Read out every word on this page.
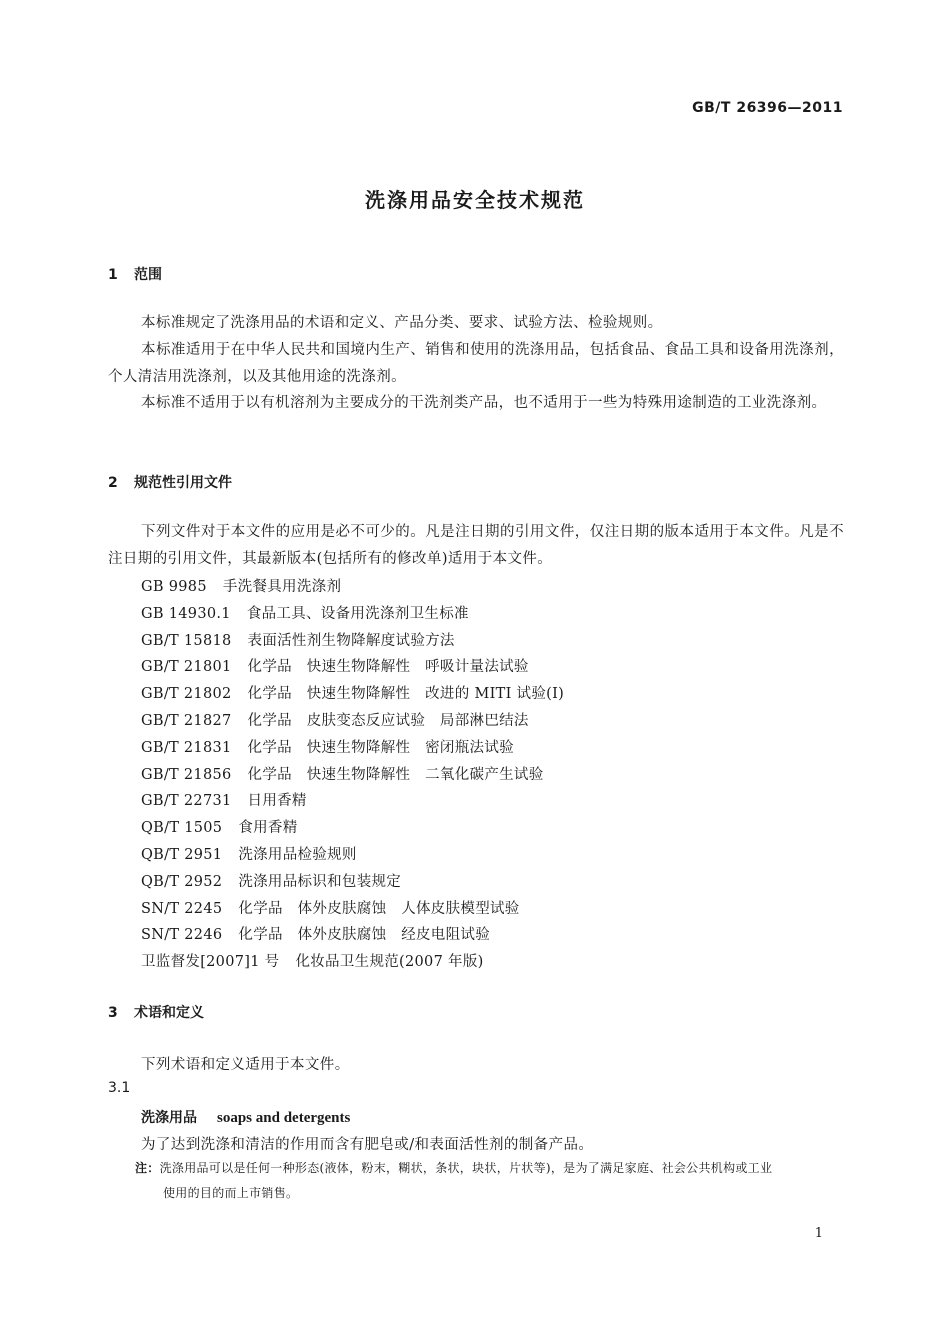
GB/T 26396—2011
洗涤用品安全技术规范
1 范围
本标准规定了洗涤用品的术语和定义、产品分类、要求、试验方法、检验规则。
本标准适用于在中华人民共和国境内生产、销售和使用的洗涤用品，包括食品、食品工具和设备用洗涤剂，个人清洁用洗涤剂，以及其他用途的洗涤剂。
本标准不适用于以有机溶剂为主要成分的干洗剂类产品，也不适用于一些为特殊用途制造的工业洗涤剂。
2 规范性引用文件
下列文件对于本文件的应用是必不可少的。凡是注日期的引用文件，仅注日期的版本适用于本文件。凡是不注日期的引用文件，其最新版本(包括所有的修改单)适用于本文件。
GB 9985 手洗餐具用洗涤剂
GB 14930.1 食品工具、设备用洗涤剂卫生标准
GB/T 15818 表面活性剂生物降解度试验方法
GB/T 21801 化学品　快速生物降解性　呼吸计量法试验
GB/T 21802 化学品　快速生物降解性　改进的 MITI 试验(Ⅰ)
GB/T 21827 化学品　皮肤变态反应试验　局部淋巴结法
GB/T 21831 化学品　快速生物降解性　密闭瓶法试验
GB/T 21856 化学品　快速生物降解性　二氧化碳产生试验
GB/T 22731 日用香精
QB/T 1505 食用香精
QB/T 2951 洗涤用品检验规则
QB/T 2952 洗涤用品标识和包装规定
SN/T 2245 化学品　体外皮肤腐蚀　人体皮肤模型试验
SN/T 2246 化学品　体外皮肤腐蚀　经皮电阻试验
卫监督发[2007]1 号 化妆品卫生规范(2007 年版)
3 术语和定义
下列术语和定义适用于本文件。
3.1
洗涤用品 soaps and detergents
为了达到洗涤和清洁的作用而含有肥皂或/和表面活性剂的制备产品。
注：洗涤用品可以是任何一种形态(液体，粉末，糊状，条状，块状，片状等)，是为了满足家庭、社会公共机构或工业
使用的目的而上市销售。
1
